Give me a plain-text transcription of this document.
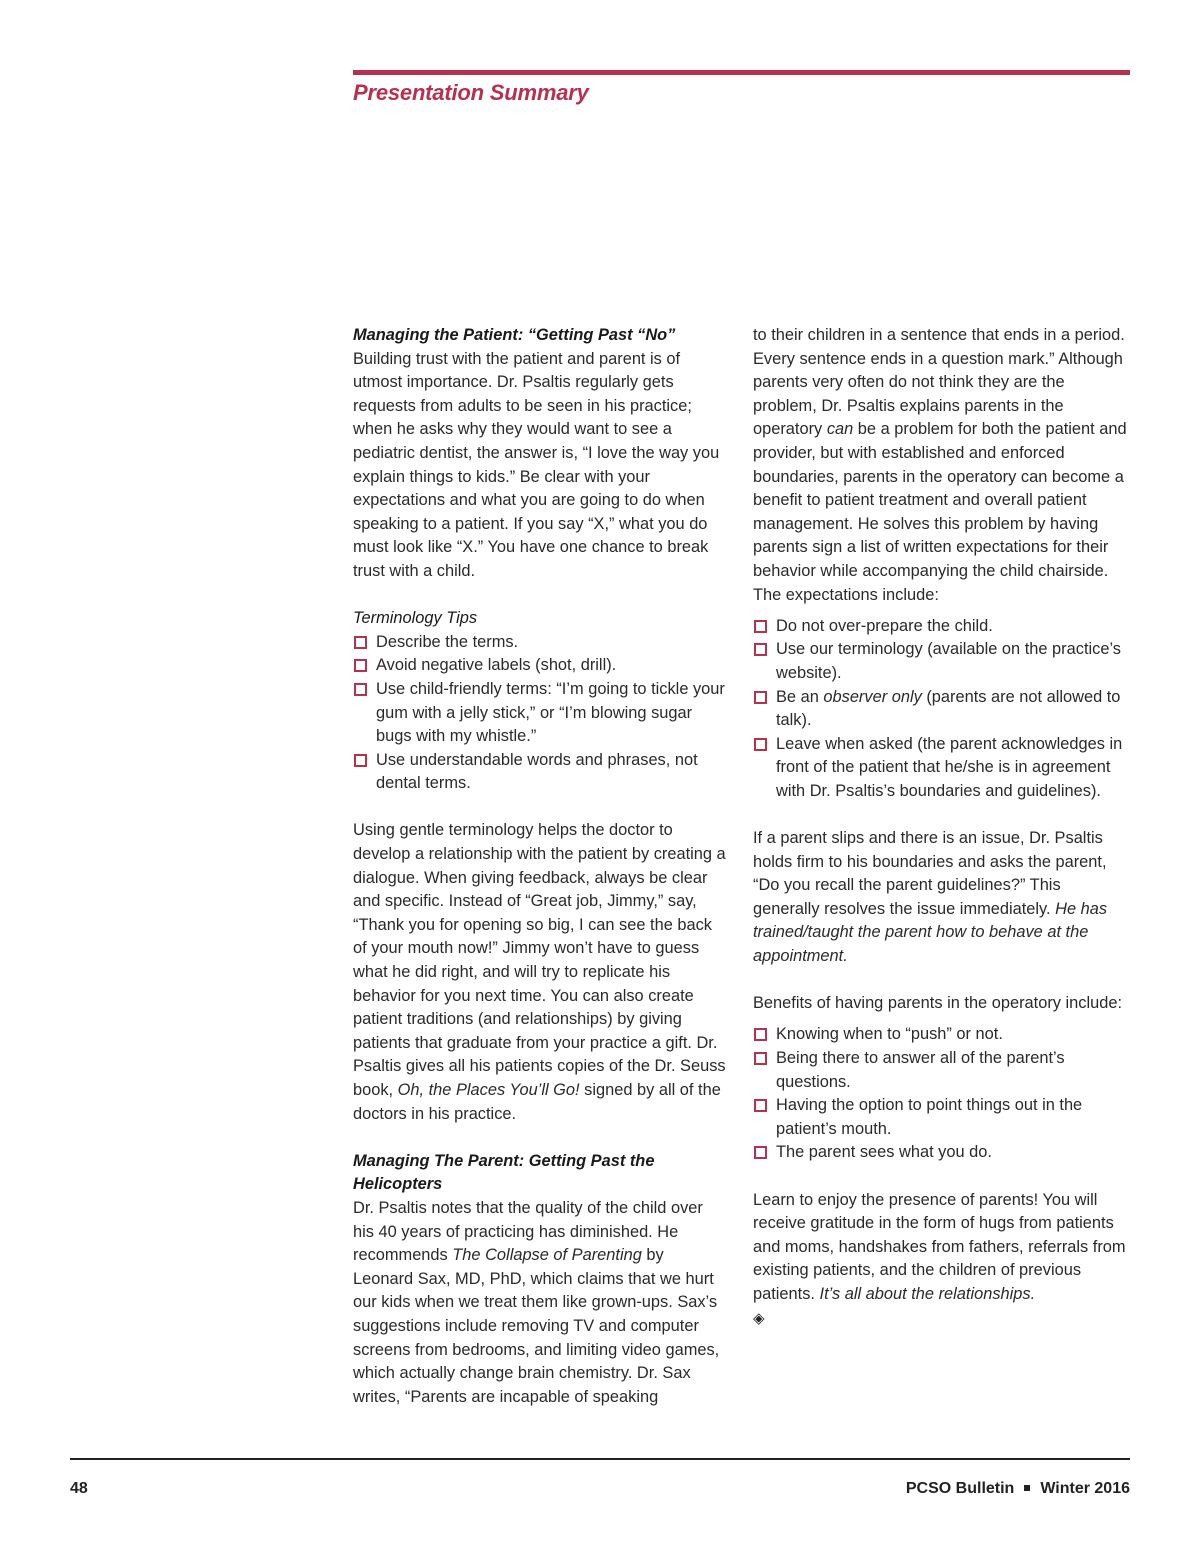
Presentation Summary
Managing the Patient: “Getting Past “No”

Building trust with the patient and parent is of utmost importance. Dr. Psaltis regularly gets requests from adults to be seen in his practice; when he asks why they would want to see a pediatric dentist, the answer is, “I love the way you explain things to kids.” Be clear with your expectations and what you are going to do when speaking to a patient. If you say “X,” what you do must look like “X.” You have one chance to break trust with a child.

Terminology Tips
Describe the terms.
Avoid negative labels (shot, drill).
Use child-friendly terms: “I’m going to tickle your gum with a jelly stick,” or “I’m blowing sugar bugs with my whistle.”
Use understandable words and phrases, not dental terms.

Using gentle terminology helps the doctor to develop a relationship with the patient by creating a dialogue. When giving feedback, always be clear and specific. Instead of “Great job, Jimmy,” say, “Thank you for opening so big, I can see the back of your mouth now!” Jimmy won’t have to guess what he did right, and will try to replicate his behavior for you next time. You can also create patient traditions (and relationships) by giving patients that graduate from your practice a gift. Dr. Psaltis gives all his patients copies of the Dr. Seuss book, Oh, the Places You’ll Go! signed by all of the doctors in his practice.

Managing The Parent: Getting Past the Helicopters

Dr. Psaltis notes that the quality of the child over his 40 years of practicing has diminished. He recommends The Collapse of Parenting by Leonard Sax, MD, PhD, which claims that we hurt our kids when we treat them like grown-ups. Sax’s suggestions include removing TV and computer screens from bedrooms, and limiting video games, which actually change brain chemistry. Dr. Sax writes, “Parents are incapable of speaking

to their children in a sentence that ends in a period. Every sentence ends in a question mark.” Although parents very often do not think they are the problem, Dr. Psaltis explains parents in the operatory can be a problem for both the patient and provider, but with established and enforced boundaries, parents in the operatory can become a benefit to patient treatment and overall patient management. He solves this problem by having parents sign a list of written expectations for their behavior while accompanying the child chairside. The expectations include:

Do not over-prepare the child.
Use our terminology (available on the practice’s website).
Be an observer only (parents are not allowed to talk).
Leave when asked (the parent acknowledges in front of the patient that he/she is in agreement with Dr. Psaltis’s boundaries and guidelines).

If a parent slips and there is an issue, Dr. Psaltis holds firm to his boundaries and asks the parent, “Do you recall the parent guidelines?” This generally resolves the issue immediately. He has trained/taught the parent how to behave at the appointment.

Benefits of having parents in the operatory include:

Knowing when to “push” or not.
Being there to answer all of the parent’s questions.
Having the option to point things out in the patient’s mouth.
The parent sees what you do.

Learn to enjoy the presence of parents! You will receive gratitude in the form of hugs from patients and moms, handshakes from fathers, referrals from existing patients, and the children of previous patients. It’s all about the relationships.
◈

48	PCSO Bulletin Winter 2016
